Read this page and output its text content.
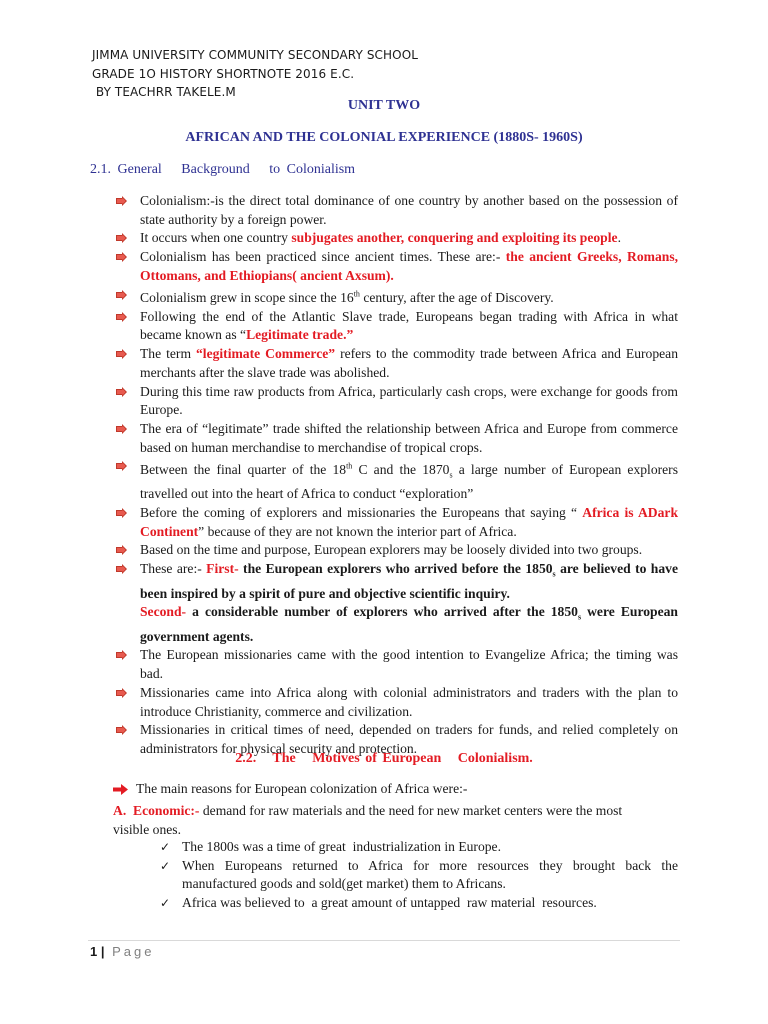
JIMMA UNIVERSITY COMMUNITY SECONDARY SCHOOL
GRADE 1O HISTORY SHORTNOTE 2016 E.C.
BY TEACHRR TAKELE.M
UNIT TWO
AFRICAN AND THE COLONIAL EXPERIENCE (1880S- 1960S)
2.1. General   Background   to Colonialism
Colonialism:-is the direct total dominance of one country by another based on the possession of state authority by a foreign power.
It occurs when one country subjugates another, conquering and exploiting its people.
Colonialism has been practiced since ancient times. These are:- the ancient Greeks, Romans, Ottomans, and Ethiopians( ancient Axsum).
Colonialism grew in scope since the 16th century, after the age of Discovery.
Following the end of the Atlantic Slave trade, Europeans began trading with Africa in what became known as “Legitimate trade.”
The term “legitimate Commerce” refers to the commodity trade between Africa and European merchants after the slave trade was abolished.
During this time raw products from Africa, particularly cash crops, were exchange for goods from Europe.
The era of “legitimate” trade shifted the relationship between Africa and Europe from commerce based on human merchandise to merchandise of tropical crops.
Between the final quarter of the 18th C and the $1870_s$ a large number of European explorers travelled out into the heart of Africa to conduct “exploration”
Before the coming of explorers and missionaries the Europeans that saying “ Africa is ADark Continent” because of they are not known the interior part of Africa.
Based on the time and purpose, European explorers may be loosely divided into two groups.
These are:- First- the European explorers who arrived before the $1850_s$ are believed to have been inspired by a spirit of pure and objective scientific inquiry.
Second- a considerable number of explorers who arrived after the $1850_s$ were European government agents.
The European missionaries came with the good intention to Evangelize Africa; the timing was bad.
Missionaries came into Africa along with colonial administrators and traders with the plan to introduce Christianity, commerce and civilization.
Missionaries in critical times of need, depended on traders for funds, and relied completely on administrators for physical security and protection.
2.2.   The   Motives of European   Colonialism.
The main reasons for European colonization of Africa were:-
A.  Economic:- demand for raw materials and the need for new market centers were the most visible ones.
✓ The 1800s was a time of great  industrialization in Europe.
✓ When Europeans returned to Africa for more resources they brought back the manufactured goods and sold(get market) them to Africans.
✓ Africa was believed to  a great amount of untapped  raw material  resources.
1 | Page
